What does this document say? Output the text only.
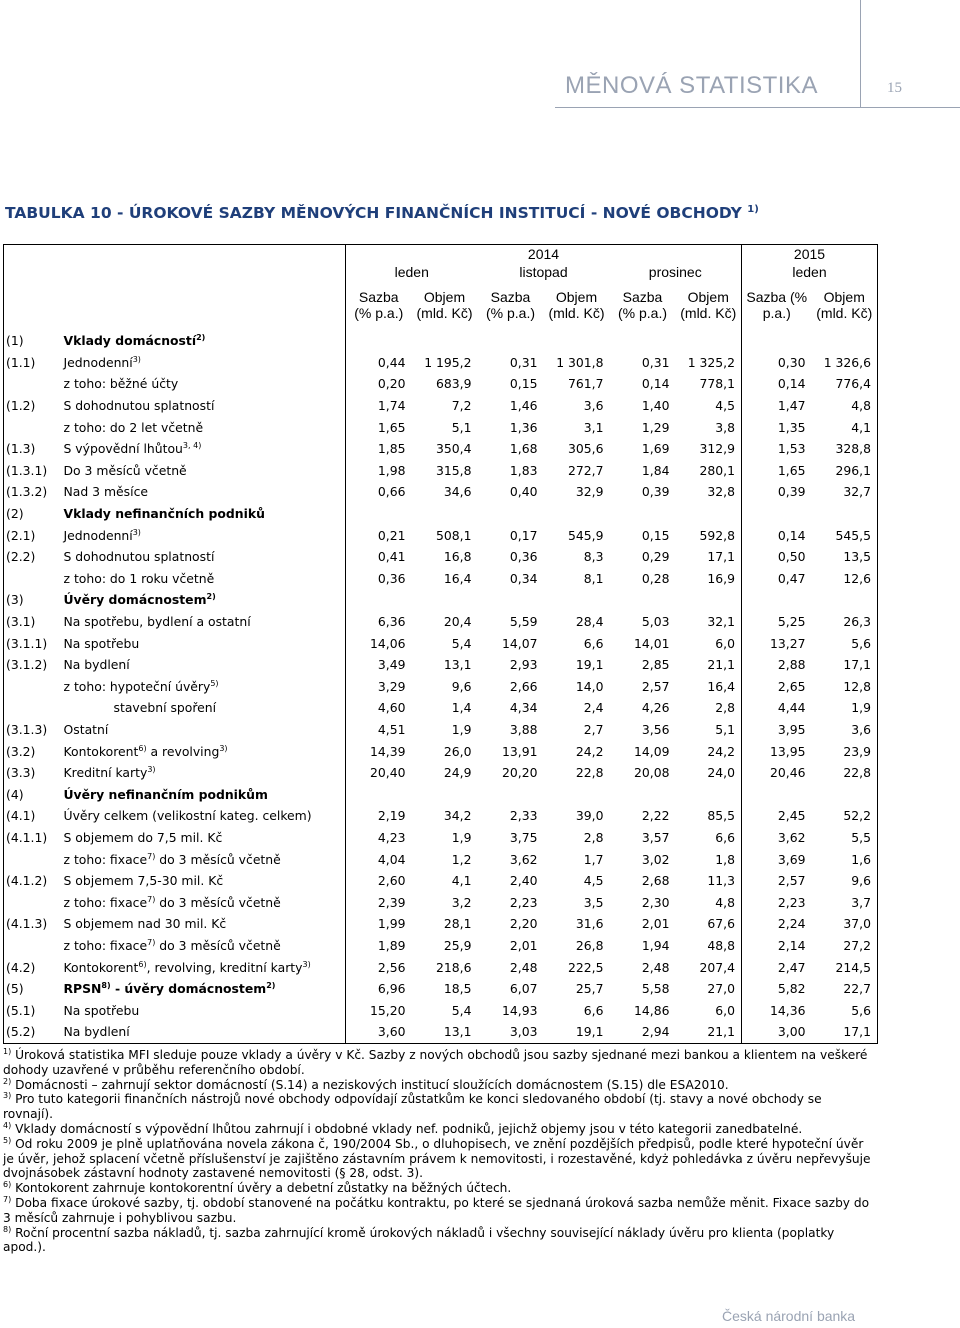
MĚNOVÁ STATISTIKA	15
TABULKA 10 - ÚROKOVÉ SAZBY MĚNOVÝCH FINANČNÍCH INSTITUCÍ - NOVÉ OBCHODY $^{1)}$
		2014						2015	
		leden		listopad		prosinec		leden	
		Sazba (% p.a.)	Objem (mld. Kč)	Sazba (% p.a.)	Objem (mld. Kč)	Sazba (% p.a.)	Objem (mld. Kč)	Sazba (% p.a.)	Objem (mld. Kč)
(1)	Vklady domácností$^{2)}$								
(1.1)	Jednodenní$^{3)}$	0,44	1 195,2	0,31	1 301,8	0,31	1 325,2	0,30	1 326,6
	z toho: běžné účty	0,20	683,9	0,15	761,7	0,14	778,1	0,14	776,4
(1.2)	S dohodnutou splatností	1,74	7,2	1,46	3,6	1,40	4,5	1,47	4,8
	z toho: do 2 let včetně	1,65	5,1	1,36	3,1	1,29	3,8	1,35	4,1
(1.3)	S výpovědní lhůtou$^{3, 4)}$	1,85	350,4	1,68	305,6	1,69	312,9	1,53	328,8
(1.3.1)	Do 3 měsíců včetně	1,98	315,8	1,83	272,7	1,84	280,1	1,65	296,1
(1.3.2)	Nad 3 měsíce	0,66	34,6	0,40	32,9	0,39	32,8	0,39	32,7
(2)	Vklady nefinančních podniků								
(2.1)	Jednodenní$^{3)}$	0,21	508,1	0,17	545,9	0,15	592,8	0,14	545,5
(2.2)	S dohodnutou splatností	0,41	16,8	0,36	8,3	0,29	17,1	0,50	13,5
	z toho: do 1 roku včetně	0,36	16,4	0,34	8,1	0,28	16,9	0,47	12,6
(3)	Úvěry domácnostem$^{2)}$								
(3.1)	Na spotřebu, bydlení a ostatní	6,36	20,4	5,59	28,4	5,03	32,1	5,25	26,3
(3.1.1)	Na spotřebu	14,06	5,4	14,07	6,6	14,01	6,0	13,27	5,6
(3.1.2)	Na bydlení	3,49	13,1	2,93	19,1	2,85	21,1	2,88	17,1
	z toho: hypoteční úvěry$^{5)}$	3,29	9,6	2,66	14,0	2,57	16,4	2,65	12,8
	stavební spoření	4,60	1,4	4,34	2,4	4,26	2,8	4,44	1,9
(3.1.3)	Ostatní	4,51	1,9	3,88	2,7	3,56	5,1	3,95	3,6
(3.2)	Kontokorent$^{6)}$ a revolving$^{3)}$	14,39	26,0	13,91	24,2	14,09	24,2	13,95	23,9
(3.3)	Kreditní karty$^{3)}$	20,40	24,9	20,20	22,8	20,08	24,0	20,46	22,8
(4)	Úvěry nefinančním podnikům								
(4.1)	Úvěry celkem (velikostní kateg. celkem)	2,19	34,2	2,33	39,0	2,22	85,5	2,45	52,2
(4.1.1)	S objemem do 7,5 mil. Kč	4,23	1,9	3,75	2,8	3,57	6,6	3,62	5,5
	z toho: fixace$^{7)}$ do 3 měsíců včetně	4,04	1,2	3,62	1,7	3,02	1,8	3,69	1,6
(4.1.2)	S objemem 7,5-30 mil. Kč	2,60	4,1	2,40	4,5	2,68	11,3	2,57	9,6
	z toho: fixace$^{7)}$ do 3 měsíců včetně	2,39	3,2	2,23	3,5	2,30	4,8	2,23	3,7
(4.1.3)	S objemem nad 30 mil. Kč	1,99	28,1	2,20	31,6	2,01	67,6	2,24	37,0
	z toho: fixace$^{7)}$ do 3 měsíců včetně	1,89	25,9	2,01	26,8	1,94	48,8	2,14	27,2
(4.2)	Kontokorent$^{6)}$, revolving, kreditní karty$^{3)}$	2,56	218,6	2,48	222,5	2,48	207,4	2,47	214,5
(5)	RPSN$^{8)}$ - úvěry domácnostem$^{2)}$	6,96	18,5	6,07	25,7	5,58	27,0	5,82	22,7
(5.1)	Na spotřebu	15,20	5,4	14,93	6,6	14,86	6,0	14,36	5,6
(5.2)	Na bydlení	3,60	13,1	3,03	19,1	2,94	21,1	3,00	17,1

$^{1)}$ Úroková statistika MFI sleduje pouze vklady a úvěry v Kč. Sazby z nových obchodů jsou sazby sjednané mezi bankou a klientem na veškeré dohody uzavřené v průběhu referenčního období.

$^{2)}$ Domácnosti – zahrnují sektor domácností (S.14) a neziskových institucí sloužících domácnostem (S.15) dle ESA2010.

$^{3)}$ Pro tuto kategorii finančních nástrojů nové obchody odpovídají zůstatkům ke konci sledovaného období (tj. stavy a nové obchody se rovnají).

$^{4)}$ Vklady domácností s výpovědní lhůtou zahrnují i obdobné vklady nef. podniků, jejichž objemy jsou v této kategorii zanedbatelné.

$^{5)}$ Od roku 2009 je plně uplatňována novela zákona č, 190/2004 Sb., o dluhopisech, ve znění pozdějších předpisů, podle které hypoteční úvěr je úvěr, jehož splacení včetně příslušenství je zajištěno zástavním právem k nemovitosti, i rozestavěné, kdyż pohledávka z úvěru nepřevyšuje dvojnásobek zástavní hodnoty zastavené nemovitosti (§ 28, odst. 3).

$^{6)}$ Kontokorent zahrnuje kontokorentní úvěry a debetní zůstatky na běžných účtech.

$^{7)}$ Doba fixace úrokové sazby, tj. období stanovené na počátku kontraktu, po které se sjednaná úroková sazba nemůže měnit. Fixace sazby do 3 měsíců zahrnuje i pohyblivou sazbu.

$^{8)}$ Roční procentní sazba nákladů, tj. sazba zahrnující kromě úrokových nákladů i všechny související náklady úvěru pro klienta (poplatky apod.).

Česká národní banka
